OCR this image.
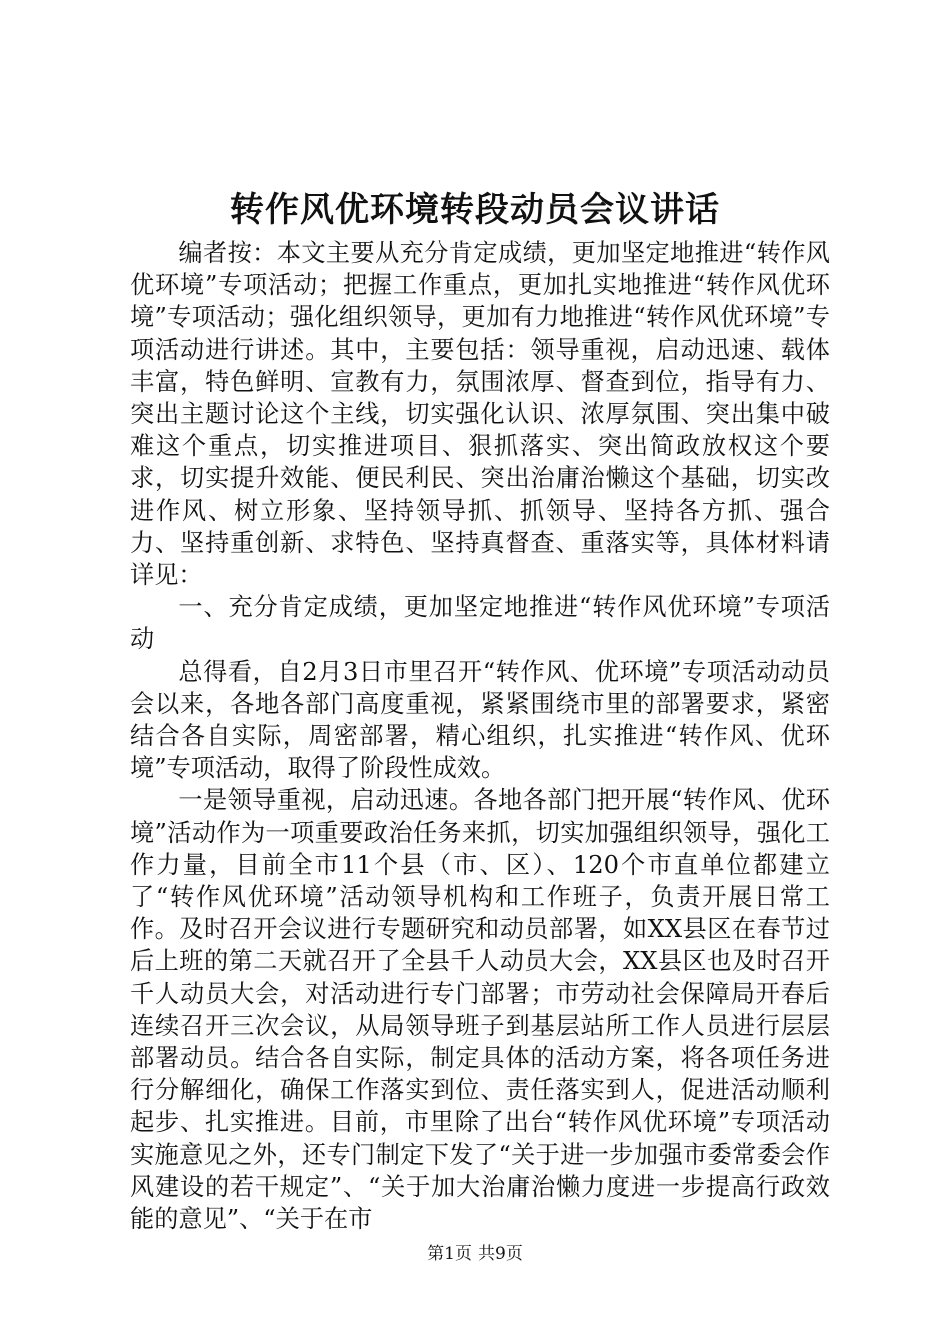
转作风优环境转段动员会议讲话

编者按：本文主要从充分肯定成绩，更加坚定地推进“转作风优环境”专项活动；把握工作重点，更加扎实地推进“转作风优环境”专项活动；强化组织领导，更加有力地推进“转作风优环境”专项活动进行讲述。其中，主要包括：领导重视，启动迅速、载体丰富，特色鲜明、宣教有力，氛围浓厚、督查到位，指导有力、突出主题讨论这个主线，切实强化认识、浓厚氛围、突出集中破难这个重点，切实推进项目、狠抓落实、突出简政放权这个要求，切实提升效能、便民利民、突出治庸治懒这个基础，切实改进作风、树立形象、坚持领导抓、抓领导、坚持各方抓、强合力、坚持重创新、求特色、坚持真督查、重落实等，具体材料请详见：

一、充分肯定成绩，更加坚定地推进“转作风优环境”专项活动

总得看，自2月3日市里召开“转作风、优环境”专项活动动员会以来，各地各部门高度重视，紧紧围绕市里的部署要求，紧密结合各自实际，周密部署，精心组织，扎实推进“转作风、优环境”专项活动，取得了阶段性成效。

一是领导重视，启动迅速。各地各部门把开展“转作风、优环境”活动作为一项重要政治任务来抓，切实加强组织领导，强化工作力量，目前全市11个县（市、区）、120个市直单位都建立了“转作风优环境”活动领导机构和工作班子，负责开展日常工作。及时召开会议进行专题研究和动员部署，如XX县区在春节过后上班的第二天就召开了全县千人动员大会，XX县区也及时召开千人动员大会，对活动进行专门部署；市劳动社会保障局开春后连续召开三次会议，从局领导班子到基层站所工作人员进行层层部署动员。结合各自实际，制定具体的活动方案，将各项任务进行分解细化，确保工作落实到位、责任落实到人，促进活动顺利起步、扎实推进。目前，市里除了出台“转作风优环境”专项活动实施意见之外，还专门制定下发了“关于进一步加强市委常委会作风建设的若干规定”、“关于加大治庸治懒力度进一步提高行政效能的意见”、“关于在市

第1页 共9页
